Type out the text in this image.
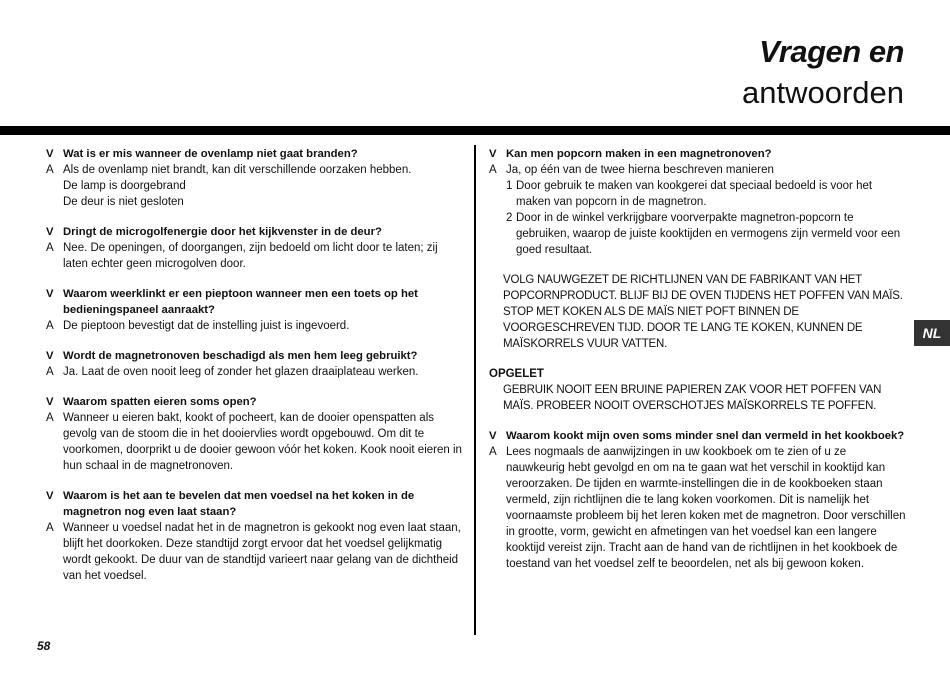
Vragen en
antwoorden
V Wat is er mis wanneer de ovenlamp niet gaat branden?
A Als de ovenlamp niet brandt, kan dit verschillende oorzaken hebben.
De lamp is doorgebrand
De deur is niet gesloten
V Dringt de microgolfenergie door het kijkvenster in de deur?
A Nee. De openingen, of doorgangen, zijn bedoeld om licht door te laten; zij laten echter geen microgolven door.
V Waarom weerklinkt er een pieptoon wanneer men een toets op het bedieningspaneel aanraakt?
A De pieptoon bevestigt dat de instelling juist is ingevoerd.
V Wordt de magnetronoven beschadigd als men hem leeg gebruikt?
A Ja. Laat de oven nooit leeg of zonder het glazen draaiplateau werken.
V Waarom spatten eieren soms open?
A Wanneer u eieren bakt, kookt of pocheert, kan de dooier openspatten als gevolg van de stoom die in het dooiervlies wordt opgebouwd. Om dit te voorkomen, doorprikt u de dooier gewoon vóór het koken. Kook nooit eieren in hun schaal in de magnetronoven.
V Waarom is het aan te bevelen dat men voedsel na het koken in de magnetron nog even laat staan?
A Wanneer u voedsel nadat het in de magnetron is gekookt nog even laat staan, blijft het doorkoken. Deze standtijd zorgt ervoor dat het voedsel gelijkmatig wordt gekookt. De duur van de standtijd varieert naar gelang van de dichtheid van het voedsel.
V Kan men popcorn maken in een magnetronoven?
A Ja, op één van de twee hierna beschreven manieren
1 Door gebruik te maken van kookgerei dat speciaal bedoeld is voor het maken van popcorn in de magnetron.
2 Door in de winkel verkrijgbare voorverpakte magnetron-popcorn te gebruiken, waarop de juiste kooktijden en vermogens zijn vermeld voor een goed resultaat.
VOLG NAUWGEZET DE RICHTLIJNEN VAN DE FABRIKANT VAN HET POPCORNPRODUCT. BLIJF BIJ DE OVEN TIJDENS HET POFFEN VAN MAÏS. STOP MET KOKEN ALS DE MAÏS NIET POFT BINNEN DE VOORGESCHREVEN TIJD. DOOR TE LANG TE KOKEN, KUNNEN DE MAÏSKORRELS VUUR VATTEN.
OPGELET
GEBRUIK NOOIT EEN BRUINE PAPIEREN ZAK VOOR HET POFFEN VAN MAÏS. PROBEER NOOIT OVERSCHOTJES MAÏSKORRELS TE POFFEN.
V Waarom kookt mijn oven soms minder snel dan vermeld in het kookboek?
A Lees nogmaals de aanwijzingen in uw kookboek om te zien of u ze nauwkeurig hebt gevolgd en om na te gaan wat het verschil in kooktijd kan veroorzaken. De tijden en warmte-instellingen die in de kookboeken staan vermeld, zijn richtlijnen die te lang koken voorkomen. Dit is namelijk het voornaamste probleem bij het leren koken met de magnetron. Door verschillen in grootte, vorm, gewicht en afmetingen van het voedsel kan een langere kooktijd vereist zijn. Tracht aan de hand van de richtlijnen in het kookboek de toestand van het voedsel zelf te beoordelen, net als bij gewoon koken.
NL
58
